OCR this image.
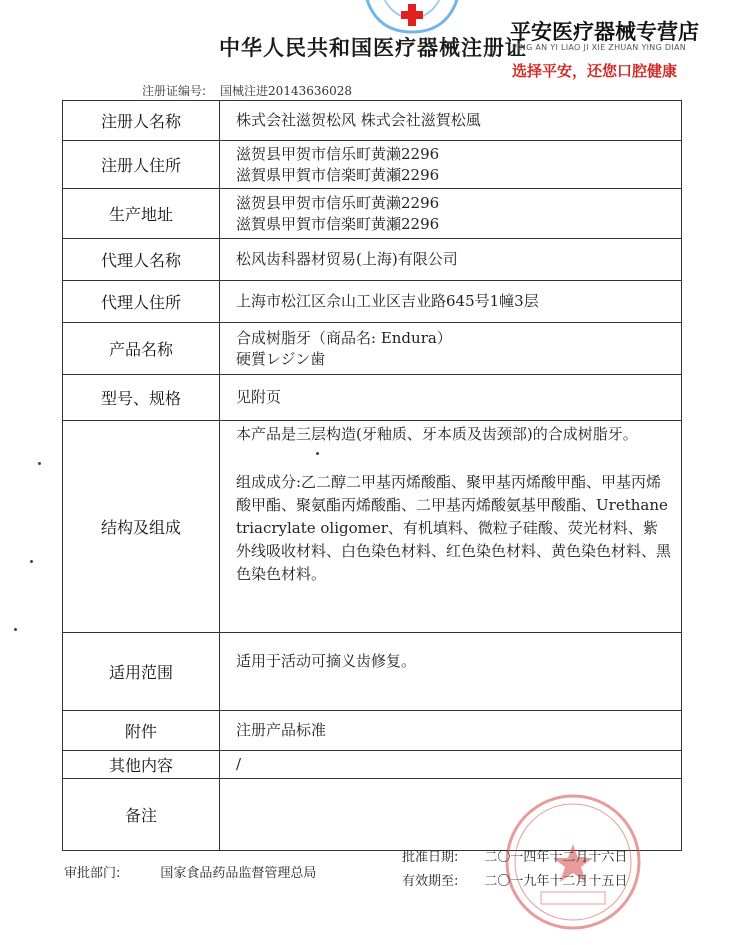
中华人民共和国医疗器械注册证
平安医疗器械专营店
PING AN YI LIAO JI XIE ZHUAN YING DIAN
选择平安，还您口腔健康
注册证编号: 国械注进20143636028
注册人名称	株式会社滋贺松风 株式会社滋賀松風
注册人住所	滋贺县甲贺市信乐町黄濑2296
滋賀県甲賀市信楽町黄瀬2296

生产地址	滋贺县甲贺市信乐町黄濑2296
滋賀県甲賀市信楽町黄瀬2296

代理人名称	松风齿科器材贸易(上海)有限公司
代理人住所	上海市松江区佘山工业区吉业路645号1幢3层
产品名称	合成树脂牙（商品名: Endura）
硬質レジン歯

型号、规格	见附页
结构及组成	本产品是三层构造(牙釉质、牙本质及齿颈部)的合成树脂牙。
组成成分:乙二醇二甲基丙烯酸酯、聚甲基丙烯酸甲酯、甲基丙烯酸甲酯、聚氨酯丙烯酸酯、二甲基丙烯酸氨基甲酸酯、Urethane triacrylate oligomer、有机填料、微粒子硅酸、荧光材料、紫外线吸收材料、白色染色材料、红色染色材料、黄色染色材料、黑色染色材料。

适用范围	适用于活动可摘义齿修复。
附件	注册产品标准
其他内容	/
备注	
审批部门:	国家食品药品监督管理总局
批准日期: 二〇一四年十二月十六日
有效期至: 二〇一九年十二月十五日
